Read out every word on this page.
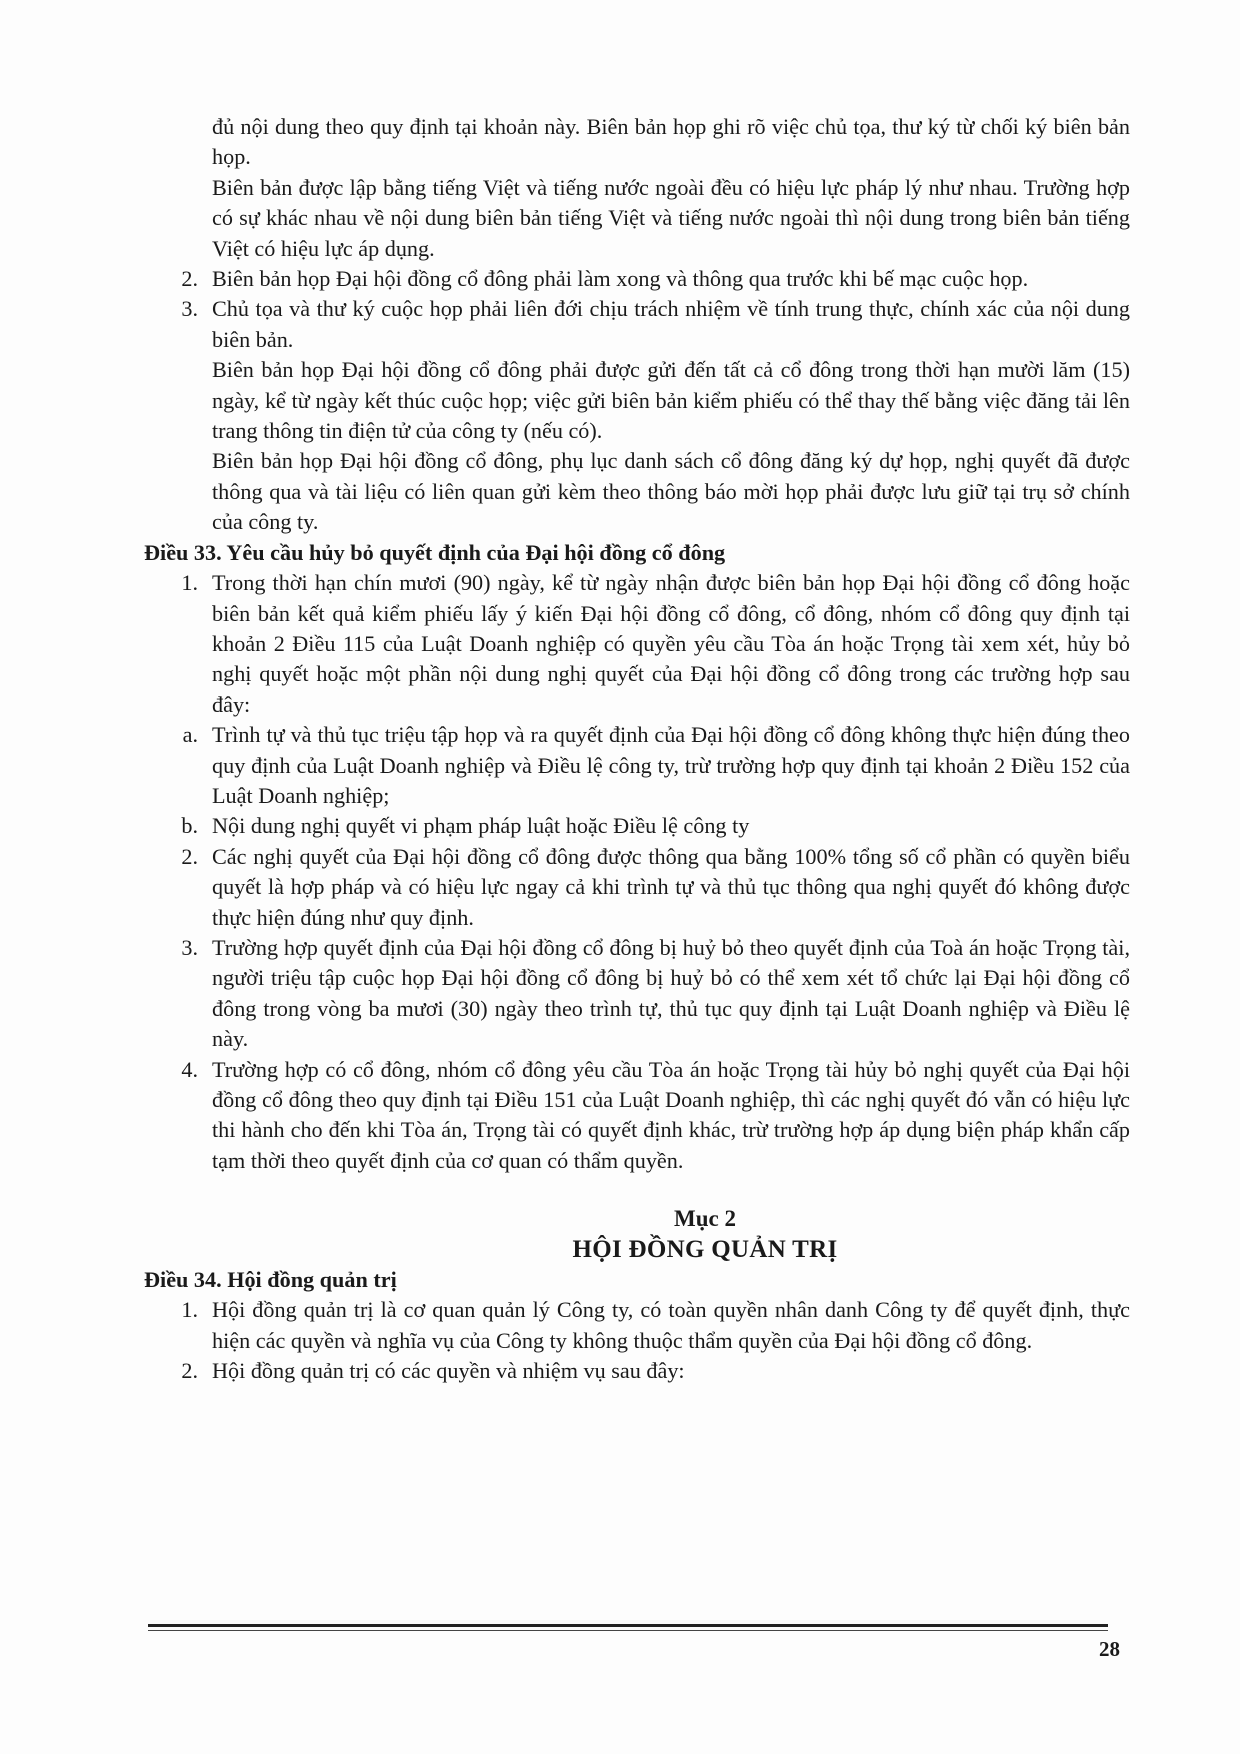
đủ nội dung theo quy định tại khoản này. Biên bản họp ghi rõ việc chủ tọa, thư ký từ chối ký biên bản họp.

Biên bản được lập bằng tiếng Việt và tiếng nước ngoài đều có hiệu lực pháp lý như nhau. Trường hợp có sự khác nhau về nội dung biên bản tiếng Việt và tiếng nước ngoài thì nội dung trong biên bản tiếng Việt có hiệu lực áp dụng.

2. Biên bản họp Đại hội đồng cổ đông phải làm xong và thông qua trước khi bế mạc cuộc họp.
3. Chủ tọa và thư ký cuộc họp phải liên đới chịu trách nhiệm về tính trung thực, chính xác của nội dung biên bản.

Biên bản họp Đại hội đồng cổ đông phải được gửi đến tất cả cổ đông trong thời hạn mười lăm (15) ngày, kể từ ngày kết thúc cuộc họp; việc gửi biên bản kiểm phiếu có thể thay thế bằng việc đăng tải lên trang thông tin điện tử của công ty (nếu có).

Biên bản họp Đại hội đồng cổ đông, phụ lục danh sách cổ đông đăng ký dự họp, nghị quyết đã được thông qua và tài liệu có liên quan gửi kèm theo thông báo mời họp phải được lưu giữ tại trụ sở chính của công ty.

Điều 33. Yêu cầu hủy bỏ quyết định của Đại hội đồng cổ đông

1. Trong thời hạn chín mươi (90) ngày, kể từ ngày nhận được biên bản họp Đại hội đồng cổ đông hoặc biên bản kết quả kiểm phiếu lấy ý kiến Đại hội đồng cổ đông, cổ đông, nhóm cổ đông quy định tại khoản 2 Điều 115 của Luật Doanh nghiệp có quyền yêu cầu Tòa án hoặc Trọng tài xem xét, hủy bỏ nghị quyết hoặc một phần nội dung nghị quyết của Đại hội đồng cổ đông trong các trường hợp sau đây:
a. Trình tự và thủ tục triệu tập họp và ra quyết định của Đại hội đồng cổ đông không thực hiện đúng theo quy định của Luật Doanh nghiệp và Điều lệ công ty, trừ trường hợp quy định tại khoản 2 Điều 152 của Luật Doanh nghiệp;
b. Nội dung nghị quyết vi phạm pháp luật hoặc Điều lệ công ty
2. Các nghị quyết của Đại hội đồng cổ đông được thông qua bằng 100% tổng số cổ phần có quyền biểu quyết là hợp pháp và có hiệu lực ngay cả khi trình tự và thủ tục thông qua nghị quyết đó không được thực hiện đúng như quy định.
3. Trường hợp quyết định của Đại hội đồng cổ đông bị huỷ bỏ theo quyết định của Toà án hoặc Trọng tài, người triệu tập cuộc họp Đại hội đồng cổ đông bị huỷ bỏ có thể xem xét tổ chức lại Đại hội đồng cổ đông trong vòng ba mươi (30) ngày theo trình tự, thủ tục quy định tại Luật Doanh nghiệp và Điều lệ này.
4. Trường hợp có cổ đông, nhóm cổ đông yêu cầu Tòa án hoặc Trọng tài hủy bỏ nghị quyết của Đại hội đồng cổ đông theo quy định tại Điều 151 của Luật Doanh nghiệp, thì các nghị quyết đó vẫn có hiệu lực thi hành cho đến khi Tòa án, Trọng tài có quyết định khác, trừ trường hợp áp dụng biện pháp khẩn cấp tạm thời theo quyết định của cơ quan có thẩm quyền.
Mục 2
HỘI ĐỒNG QUẢN TRỊ

Điều 34. Hội đồng quản trị

1. Hội đồng quản trị là cơ quan quản lý Công ty, có toàn quyền nhân danh Công ty để quyết định, thực hiện các quyền và nghĩa vụ của Công ty không thuộc thẩm quyền của Đại hội đồng cổ đông.
2. Hội đồng quản trị có các quyền và nhiệm vụ sau đây:
28
